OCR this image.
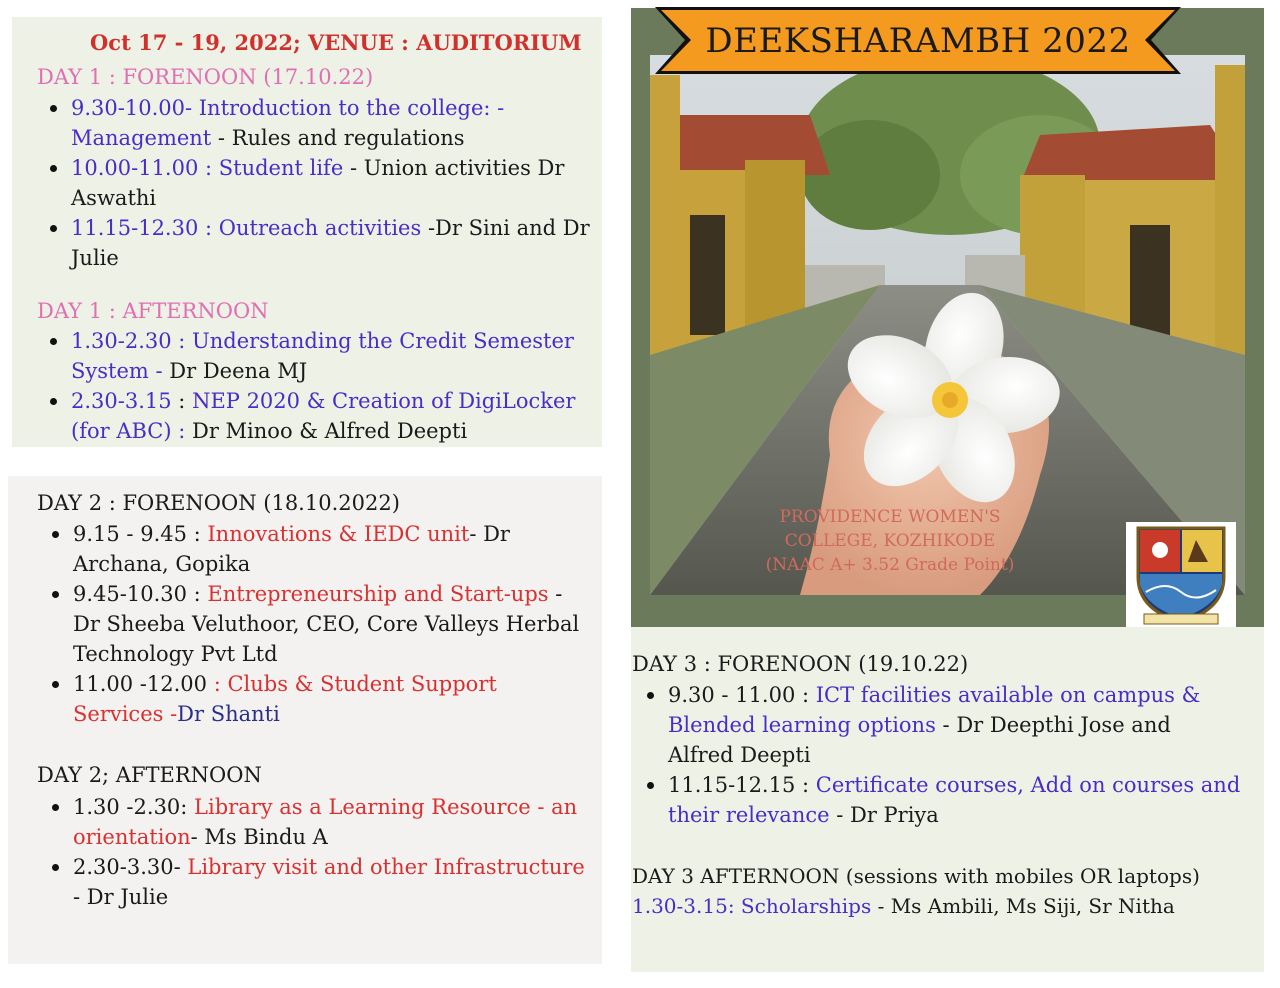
Oct 17 - 19, 2022; VENUE : AUDITORIUM
DAY 1 : FORENOON (17.10.22)
9.30-10.00- Introduction to the college: - Management - Rules and regulations
10.00-11.00 : Student life - Union activities Dr Aswathi
11.15-12.30 : Outreach activities -Dr Sini and Dr Julie
DAY 1 : AFTERNOON
1.30-2.30 : Understanding the Credit Semester System - Dr Deena MJ
2.30-3.15 : NEP 2020 & Creation of DigiLocker (for ABC) : Dr Minoo & Alfred Deepti
DAY 2 : FORENOON (18.10.2022)
9.15 - 9.45 : Innovations & IEDC unit- Dr Archana, Gopika
9.45-10.30 : Entrepreneurship and Start-ups - Dr Sheeba Veluthoor, CEO, Core Valleys Herbal Technology Pvt Ltd
11.00 -12.00 : Clubs & Student Support Services -Dr Shanti
DAY 2; AFTERNOON
1.30 -2.30: Library as a Learning Resource - an orientation- Ms Bindu A
2.30-3.30- Library visit and other Infrastructure - Dr Julie
DEEKSHARAMBH 2022
PROVIDENCE WOMEN'S
COLLEGE, KOZHIKODE
(NAAC A+ 3.52 Grade Point)
DAY 3 : FORENOON (19.10.22)
9.30 - 11.00 : ICT facilities available on campus & Blended learning options - Dr Deepthi Jose and Alfred Deepti
11.15-12.15 : Certificate courses, Add on courses and their relevance - Dr Priya
DAY 3 AFTERNOON (sessions with mobiles OR laptops)
1.30-3.15: Scholarships - Ms Ambili, Ms Siji, Sr Nitha
